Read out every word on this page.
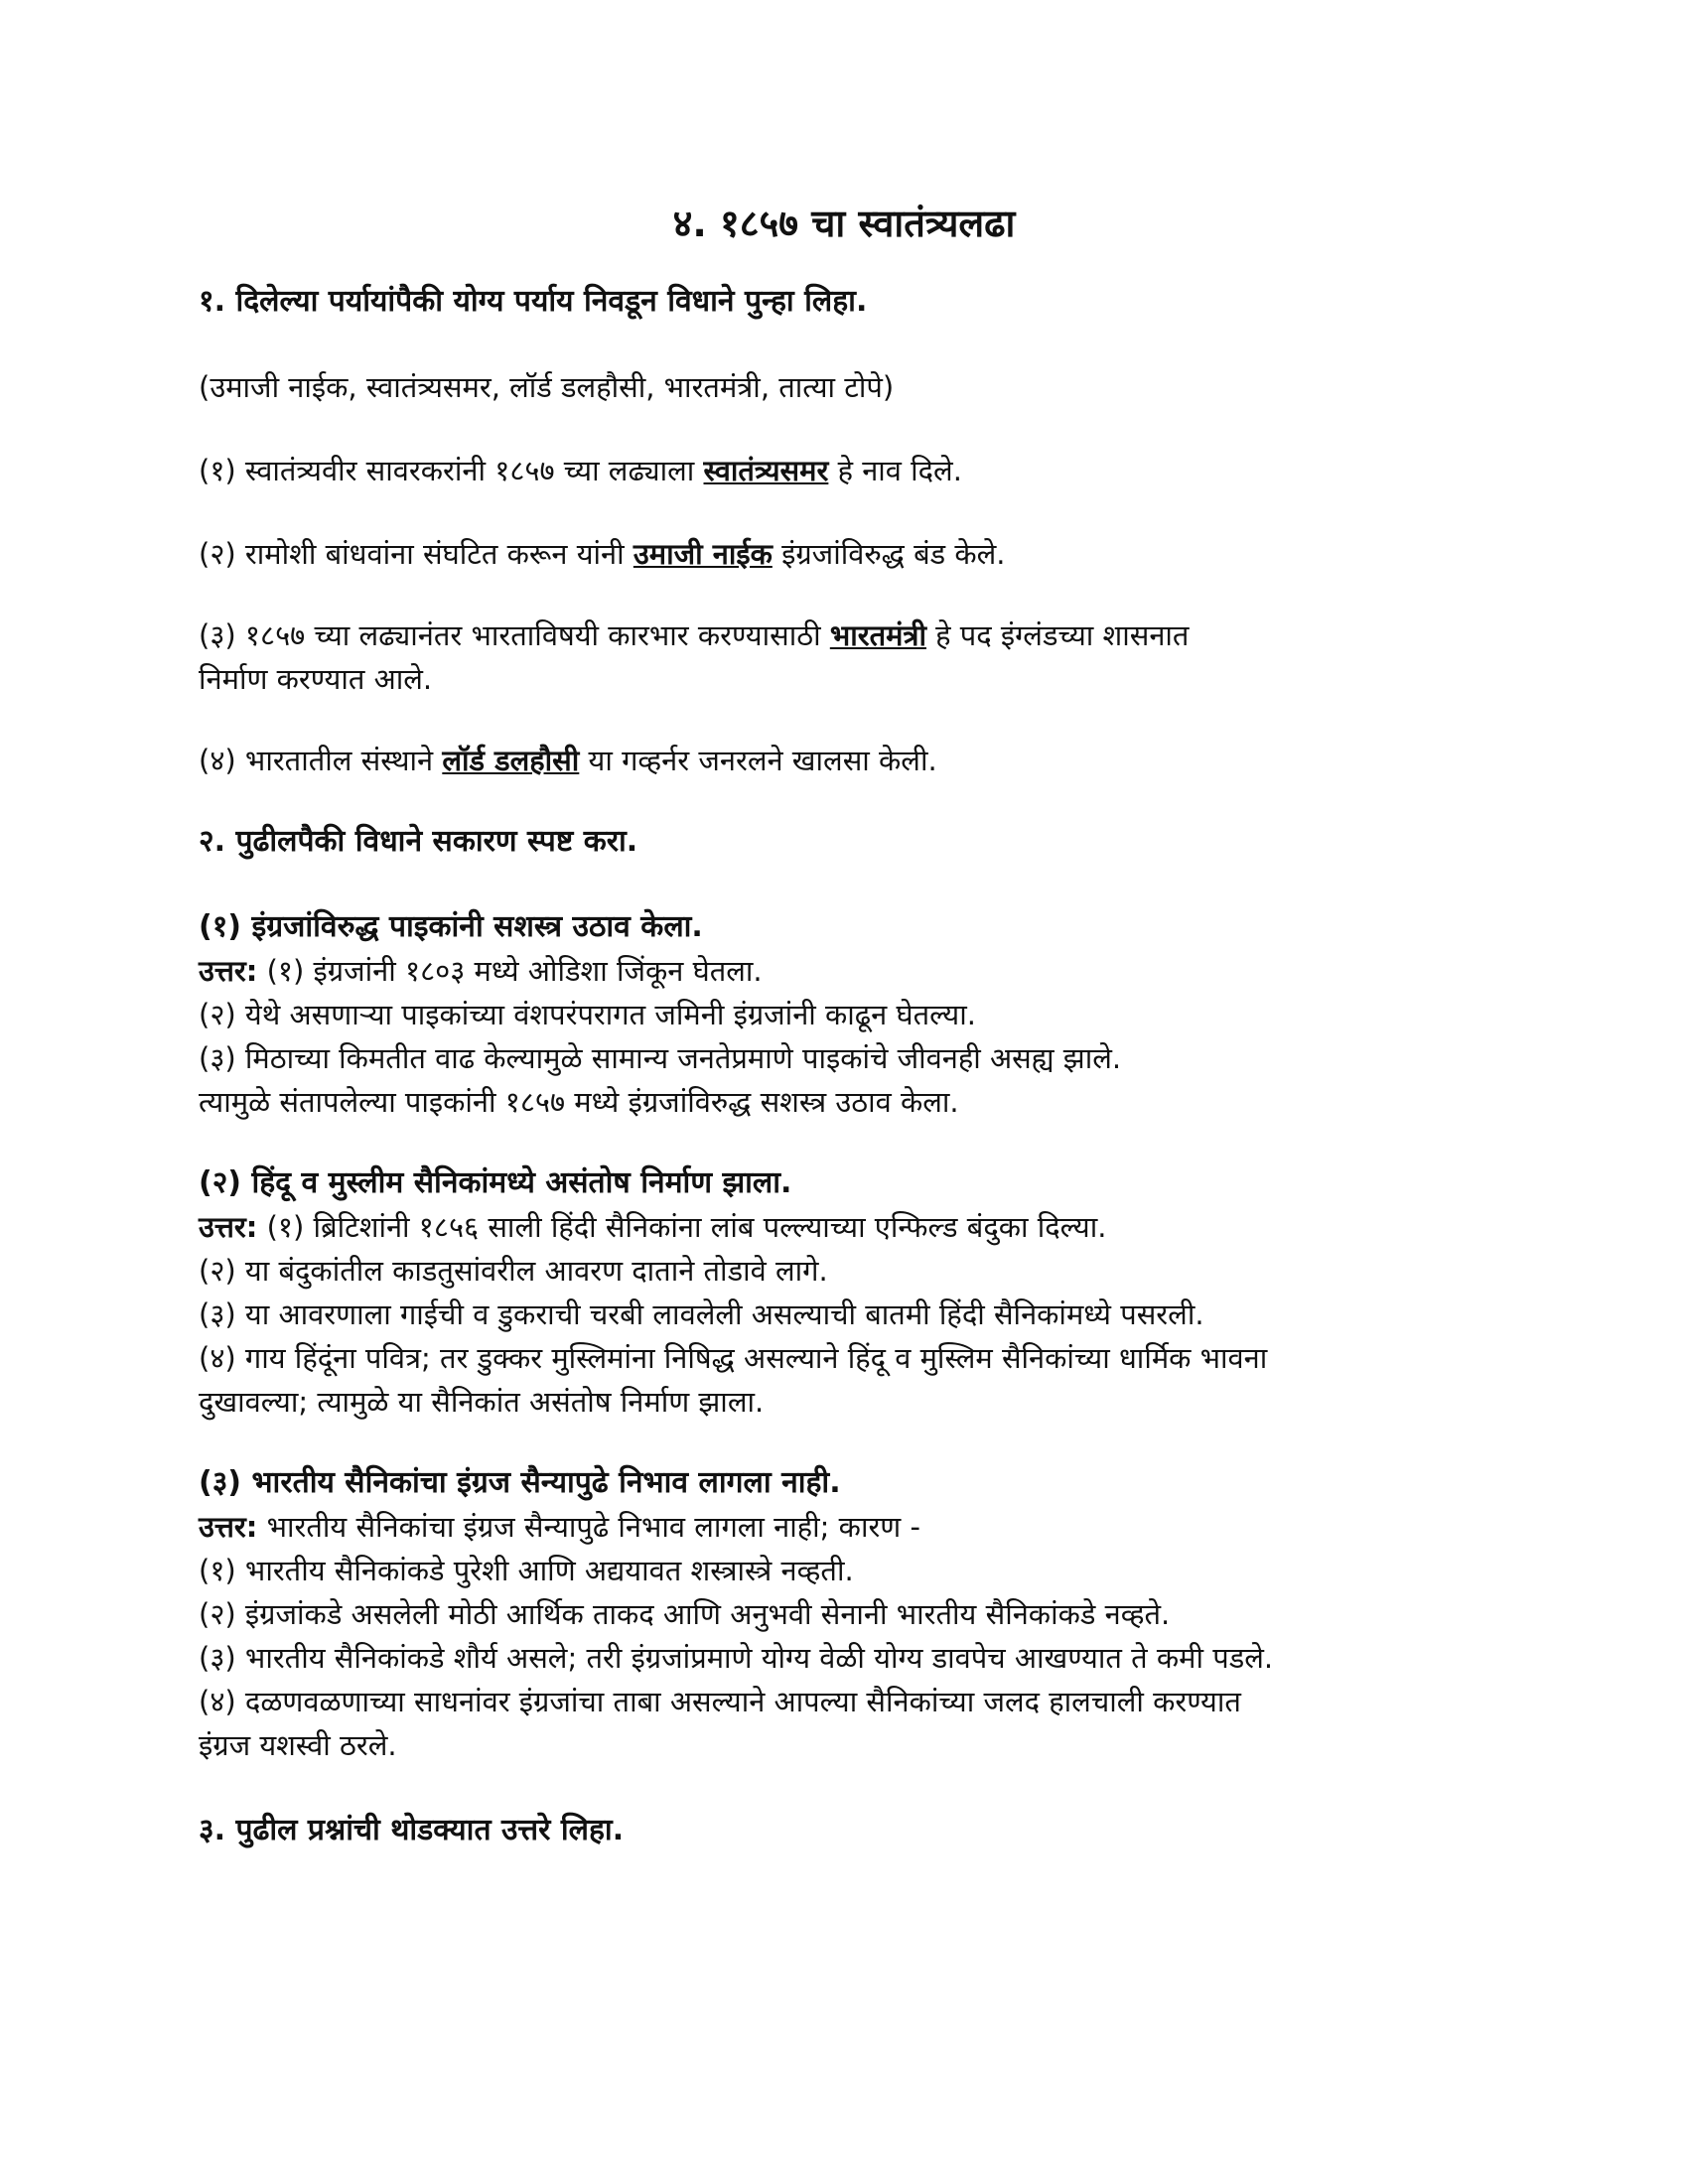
४. १८५७ चा स्वातंत्र्यलढा
१. दिलेल्या पर्यायांपैकी योग्य पर्याय निवडून विधाने पुन्हा लिहा.
(उमाजी नाईक, स्वातंत्र्यसमर, लॉर्ड डलहौसी, भारतमंत्री, तात्या टोपे)
(१) स्वातंत्र्यवीर सावरकरांनी १८५७ च्या लढ्याला स्वातंत्र्यसमर हे नाव दिले.
(२) रामोशी बांधवांना संघटित करून यांनी उमाजी नाईक इंग्रजांविरुद्ध बंड केले.
(३) १८५७ च्या लढ्यानंतर भारताविषयी कारभार करण्यासाठी भारतमंत्री हे पद इंग्लंडच्या शासनात
निर्माण करण्यात आले.
(४) भारतातील संस्थाने लॉर्ड डलहौसी या गव्हर्नर जनरलने खालसा केली.
२. पुढीलपैकी विधाने सकारण स्पष्ट करा.
(१) इंग्रजांविरुद्ध पाइकांनी सशस्त्र उठाव केला.
उत्तर: (१) इंग्रजांनी १८०३ मध्ये ओडिशा जिंकून घेतला.
(२) येथे असणाऱ्या पाइकांच्या वंशपरंपरागत जमिनी इंग्रजांनी काढून घेतल्या.
(३) मिठाच्या किमतीत वाढ केल्यामुळे सामान्य जनतेप्रमाणे पाइकांचे जीवनही असह्य झाले.
त्यामुळे संतापलेल्या पाइकांनी १८५७ मध्ये इंग्रजांविरुद्ध सशस्त्र उठाव केला.
(२) हिंदू व मुस्लीम सैनिकांमध्ये असंतोष निर्माण झाला.
उत्तर: (१) ब्रिटिशांनी १८५६ साली हिंदी सैनिकांना लांब पल्ल्याच्या एन्फिल्ड बंदुका दिल्या.
(२) या बंदुकांतील काडतुसांवरील आवरण दाताने तोडावे लागे.
(३) या आवरणाला गाईची व डुकराची चरबी लावलेली असल्याची बातमी हिंदी सैनिकांमध्ये पसरली.
(४) गाय हिंदूंना पवित्र; तर डुक्कर मुस्लिमांना निषिद्ध असल्याने हिंदू व मुस्लिम सैनिकांच्या धार्मिक भावना
दुखावल्या; त्यामुळे या सैनिकांत असंतोष निर्माण झाला.
(३) भारतीय सैनिकांचा इंग्रज सैन्यापुढे निभाव लागला नाही.
उत्तर: भारतीय सैनिकांचा इंग्रज सैन्यापुढे निभाव लागला नाही; कारण -
(१) भारतीय सैनिकांकडे पुरेशी आणि अद्ययावत शस्त्रास्त्रे नव्हती.
(२) इंग्रजांकडे असलेली मोठी आर्थिक ताकद आणि अनुभवी सेनानी भारतीय सैनिकांकडे नव्हते.
(३) भारतीय सैनिकांकडे शौर्य असले; तरी इंग्रजांप्रमाणे योग्य वेळी योग्य डावपेच आखण्यात ते कमी पडले.
(४) दळणवळणाच्या साधनांवर इंग्रजांचा ताबा असल्याने आपल्या सैनिकांच्या जलद हालचाली करण्यात
इंग्रज यशस्वी ठरले.
३. पुढील प्रश्नांची थोडक्यात उत्तरे लिहा.
